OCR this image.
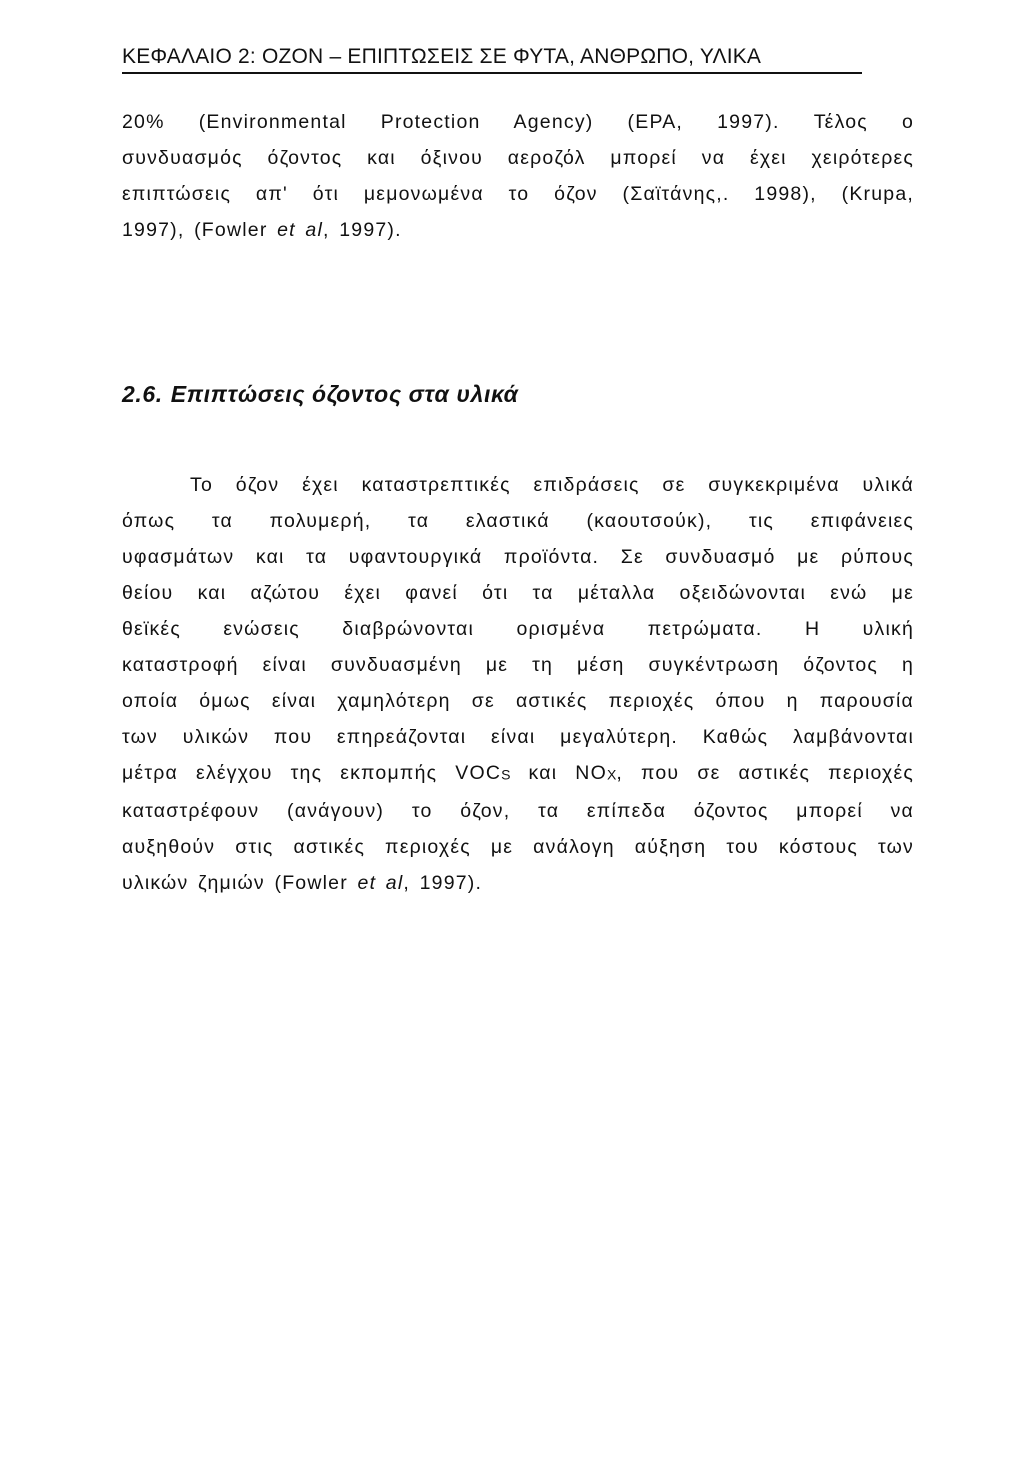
ΚΕΦΑΛΑΙΟ 2: ΟΖΟΝ – ΕΠΙΠΤΩΣΕΙΣ ΣΕ ΦΥΤΑ, ΑΝΘΡΩΠΟ, ΥΛΙΚΑ
20% (Environmental Protection Agency) (EPA, 1997). Τέλος ο
συνδυασμός όζοντος και όξινου αεροζόλ μπορεί να έχει χειρότερες
επιπτώσεις απ' ότι μεμονωμένα το όζον (Σαϊτάνης,. 1998), (Krupa,
1997), (Fowler et al, 1997).
2.6. Επιπτώσεις όζοντος στα υλικά
Το όζον έχει καταστρεπτικές επιδράσεις σε συγκεκριμένα υλικά
όπως τα πολυμερή, τα ελαστικά (καουτσούκ), τις επιφάνειες
υφασμάτων και τα υφαντουργικά προϊόντα. Σε συνδυασμό με ρύπους
θείου και αζώτου έχει φανεί ότι τα μέταλλα οξειδώνονται ενώ με
θεϊκές ενώσεις διαβρώνονται ορισμένα πετρώματα. Η υλική
καταστροφή είναι συνδυασμένη με τη μέση συγκέντρωση όζοντος η
οποία όμως είναι χαμηλότερη σε αστικές περιοχές όπου η παρουσία
των υλικών που επηρεάζονται είναι μεγαλύτερη. Καθώς λαμβάνονται
μέτρα ελέγχου της εκπομπής $VOC_S$ και $NO_X$, που σε αστικές περιοχές
καταστρέφουν (ανάγουν) το όζον, τα επίπεδα όζοντος μπορεί να
αυξηθούν στις αστικές περιοχές με ανάλογη αύξηση του κόστους των
υλικών ζημιών (Fowler et al, 1997).
